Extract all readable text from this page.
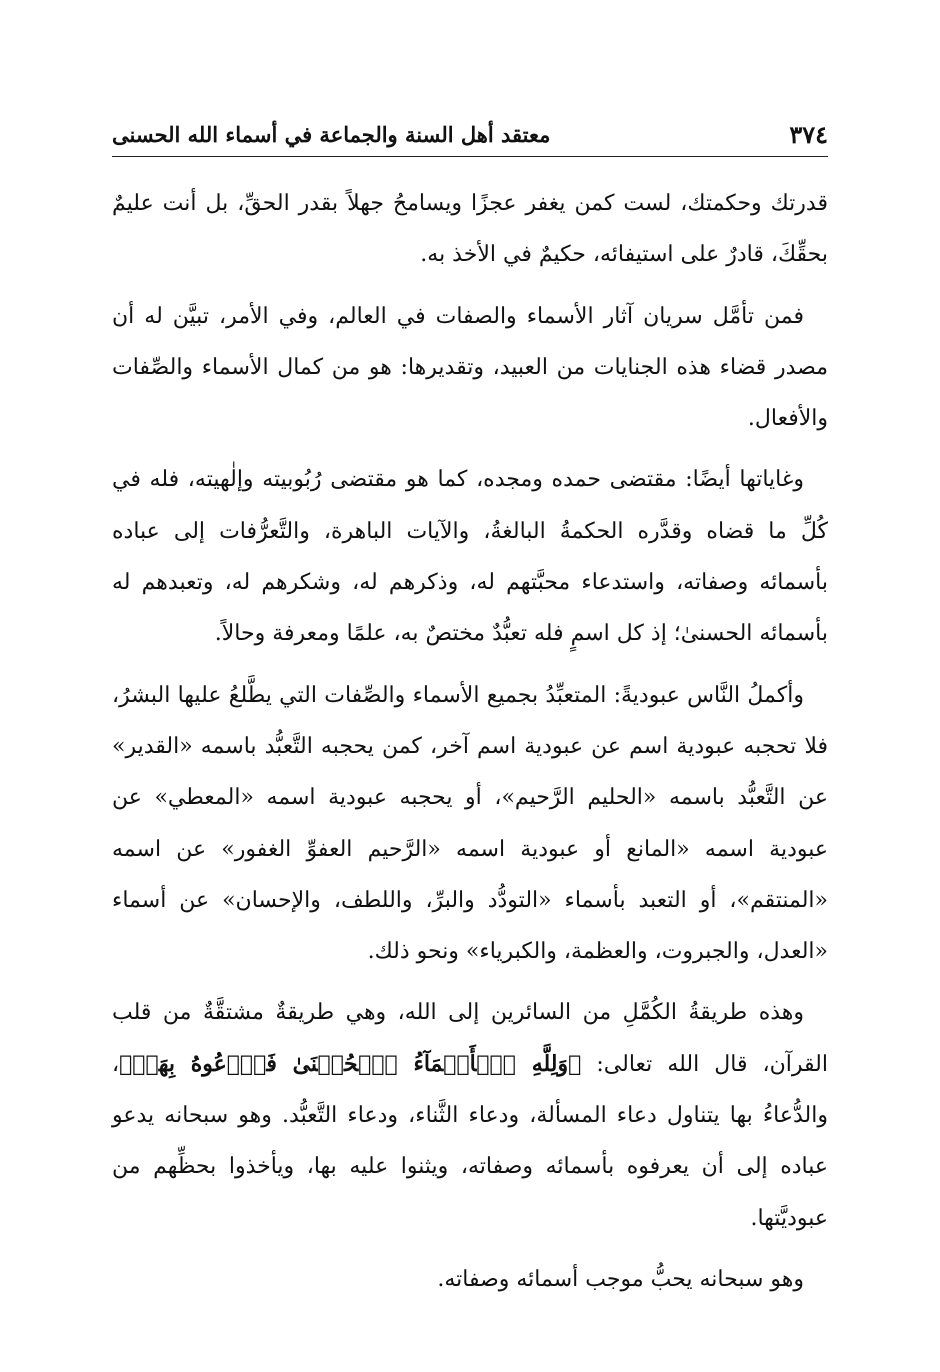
٣٧٤
معتقد أهل السنة والجماعة في أسماء الله الحسنى

قدرتك وحكمتك، لست كمن يغفر عجزًا ويسامحُ جهلاً بقدر الحقِّ، بل أنت عليمٌ بحقِّكَ، قادرٌ على استيفائه، حكيمٌ في الأخذ به.

فمن تأمَّل سريان آثار الأسماء والصفات في العالم، وفي الأمر، تبيَّن له أن مصدر قضاء هذه الجنايات من العبيد، وتقديرها: هو من كمال الأسماء والصِّفات والأفعال.

وغاياتها أيضًا: مقتضى حمده ومجده، كما هو مقتضى رُبُوبيته وإلٰهيته، فله في كُلِّ ما قضاه وقدَّره الحكمةُ البالغةُ، والآيات الباهرة، والتَّعرُّفات إلى عباده بأسمائه وصفاته، واستدعاء محبَّتهم له، وذكرهم له، وشكرهم له، وتعبدهم له بأسمائه الحسنىٰ؛ إذ كل اسمٍ فله تعبُّدٌ مختصٌ به، علمًا ومعرفة وحالاً.

وأكملُ النَّاس عبوديةً: المتعبِّدُ بجميع الأسماء والصِّفات التي يطَّلعُ عليها البشرُ، فلا تحجبه عبودية اسم عن عبودية اسم آخر، كمن يحجبه التَّعبُّد باسمه «القدير» عن التَّعبُّد باسمه «الحليم الرَّحيم»، أو يحجبه عبودية اسمه «المعطي» عن عبودية اسمه «المانع أو عبودية اسمه «الرَّحيم العفوِّ الغفور» عن اسمه «المنتقم»، أو التعبد بأسماء «التودُّد والبرِّ، واللطف، والإحسان» عن أسماء «العدل، والجبروت، والعظمة، والكبرياء» ونحو ذلك.

وهذه طريقةُ الكُمَّلِ من السائرين إلى الله، وهي طريقةٌ مشتقَّةٌ من قلب القرآن، قال الله تعالى: ﴿وَلِلَّهِ ٱلۡأَسۡمَآءُ ٱلۡحُسۡنَىٰ فَٱدۡعُوهُ بِهَاۖ﴾، والدُّعاءُ بها يتناول دعاء المسألة، ودعاء الثَّناء، ودعاء التَّعبُّد. وهو سبحانه يدعو عباده إلى أن يعرفوه بأسمائه وصفاته، ويثنوا عليه بها، ويأخذوا بحظِّهم من عبوديَّتها.

وهو سبحانه يحبُّ موجب أسمائه وصفاته.
